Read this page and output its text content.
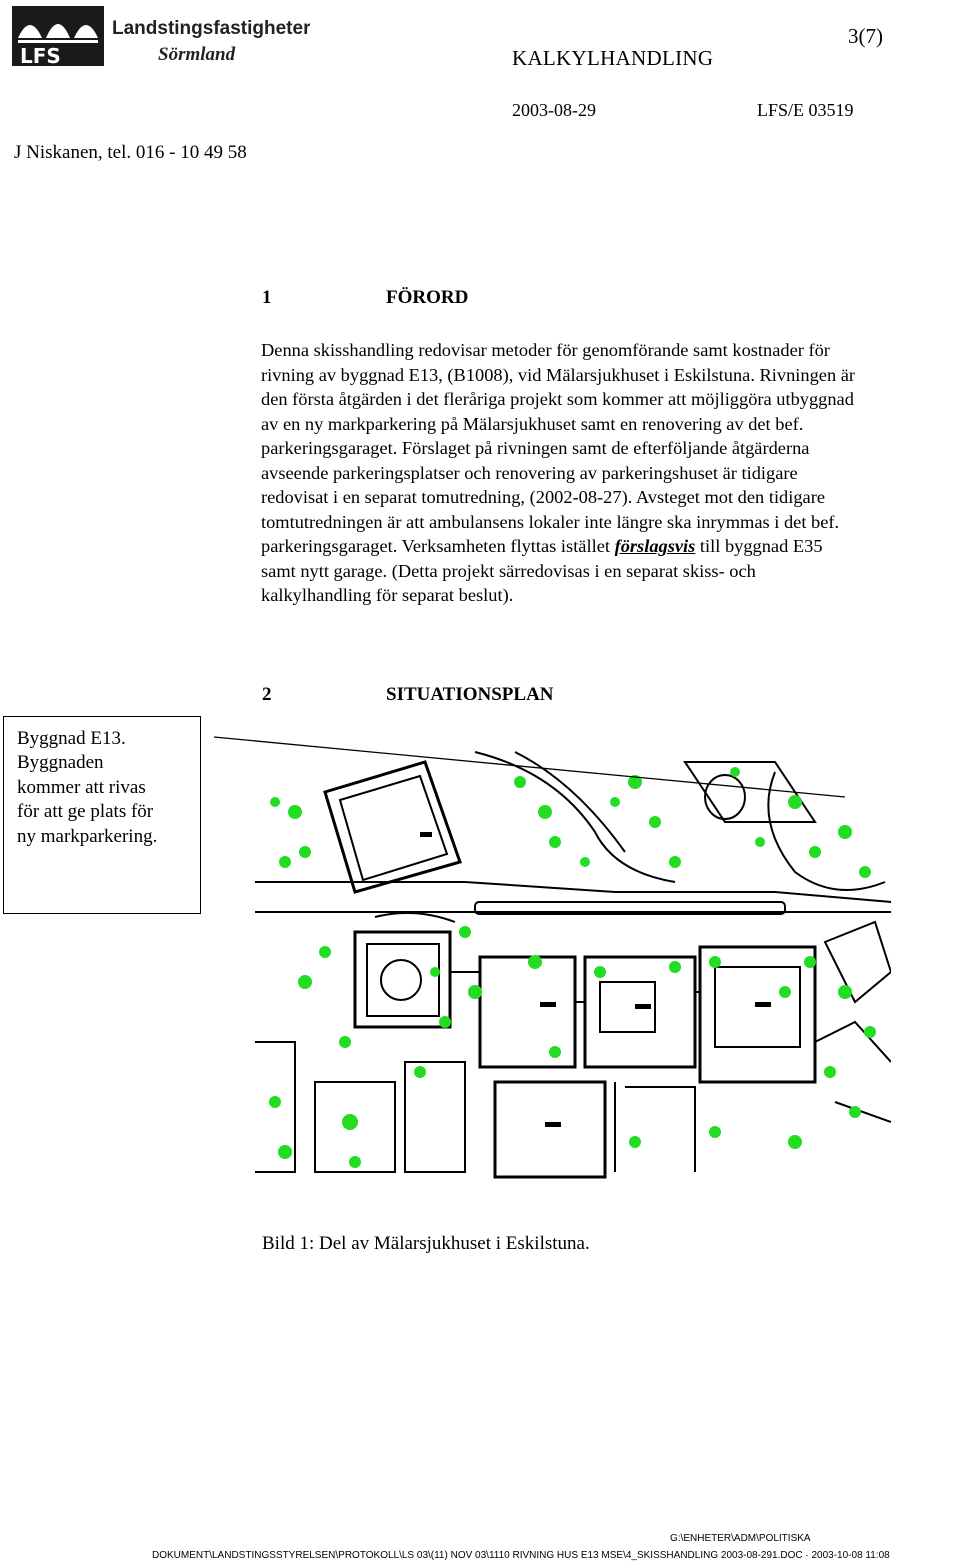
LFS
Landstingsfastigheter
Sörmland
3(7)
KALKYLHANDLING
2003-08-29	LFS/E 03519
J Niskanen, tel. 016 - 10 49 58
1	FÖRORD
Denna skisshandling redovisar metoder för genomförande samt kostnader för
rivning av byggnad E13, (B1008), vid Mälarsjukhuset i Eskilstuna. Rivningen är
den första åtgärden i det fleråriga projekt som kommer att möjliggöra utbyggnad
av en ny markparkering på Mälarsjukhuset samt en renovering av det bef.
parkeringsgaraget. Förslaget på rivningen samt de efterföljande åtgärderna
avseende parkeringsplatser och renovering av parkeringshuset är tidigare
redovisat i en separat tomutredning, (2002-08-27). Avsteget mot den tidigare
tomtutredningen är att ambulansens lokaler inte längre ska inrymmas i det bef.
parkeringsgaraget. Verksamheten flyttas istället förslagsvis till byggnad E35
samt nytt garage. (Detta projekt särredovisas i en separat skiss- och
kalkylhandling för separat beslut).
2	SITUATIONSPLAN
Byggnad E13.
Byggnaden
kommer att rivas
för att ge plats för
ny markparkering.
Bild 1: Del av Mälarsjukhuset i Eskilstuna.
G:\ENHETER\ADM\POLITISKA
DOKUMENT\LANDSTINGSSTYRELSEN\PROTOKOLL\LS 03\(11) NOV 03\1110 RIVNING HUS E13 MSE\4_SKISSHANDLING 2003-08-291.DOC · 2003-10-08 11:08
